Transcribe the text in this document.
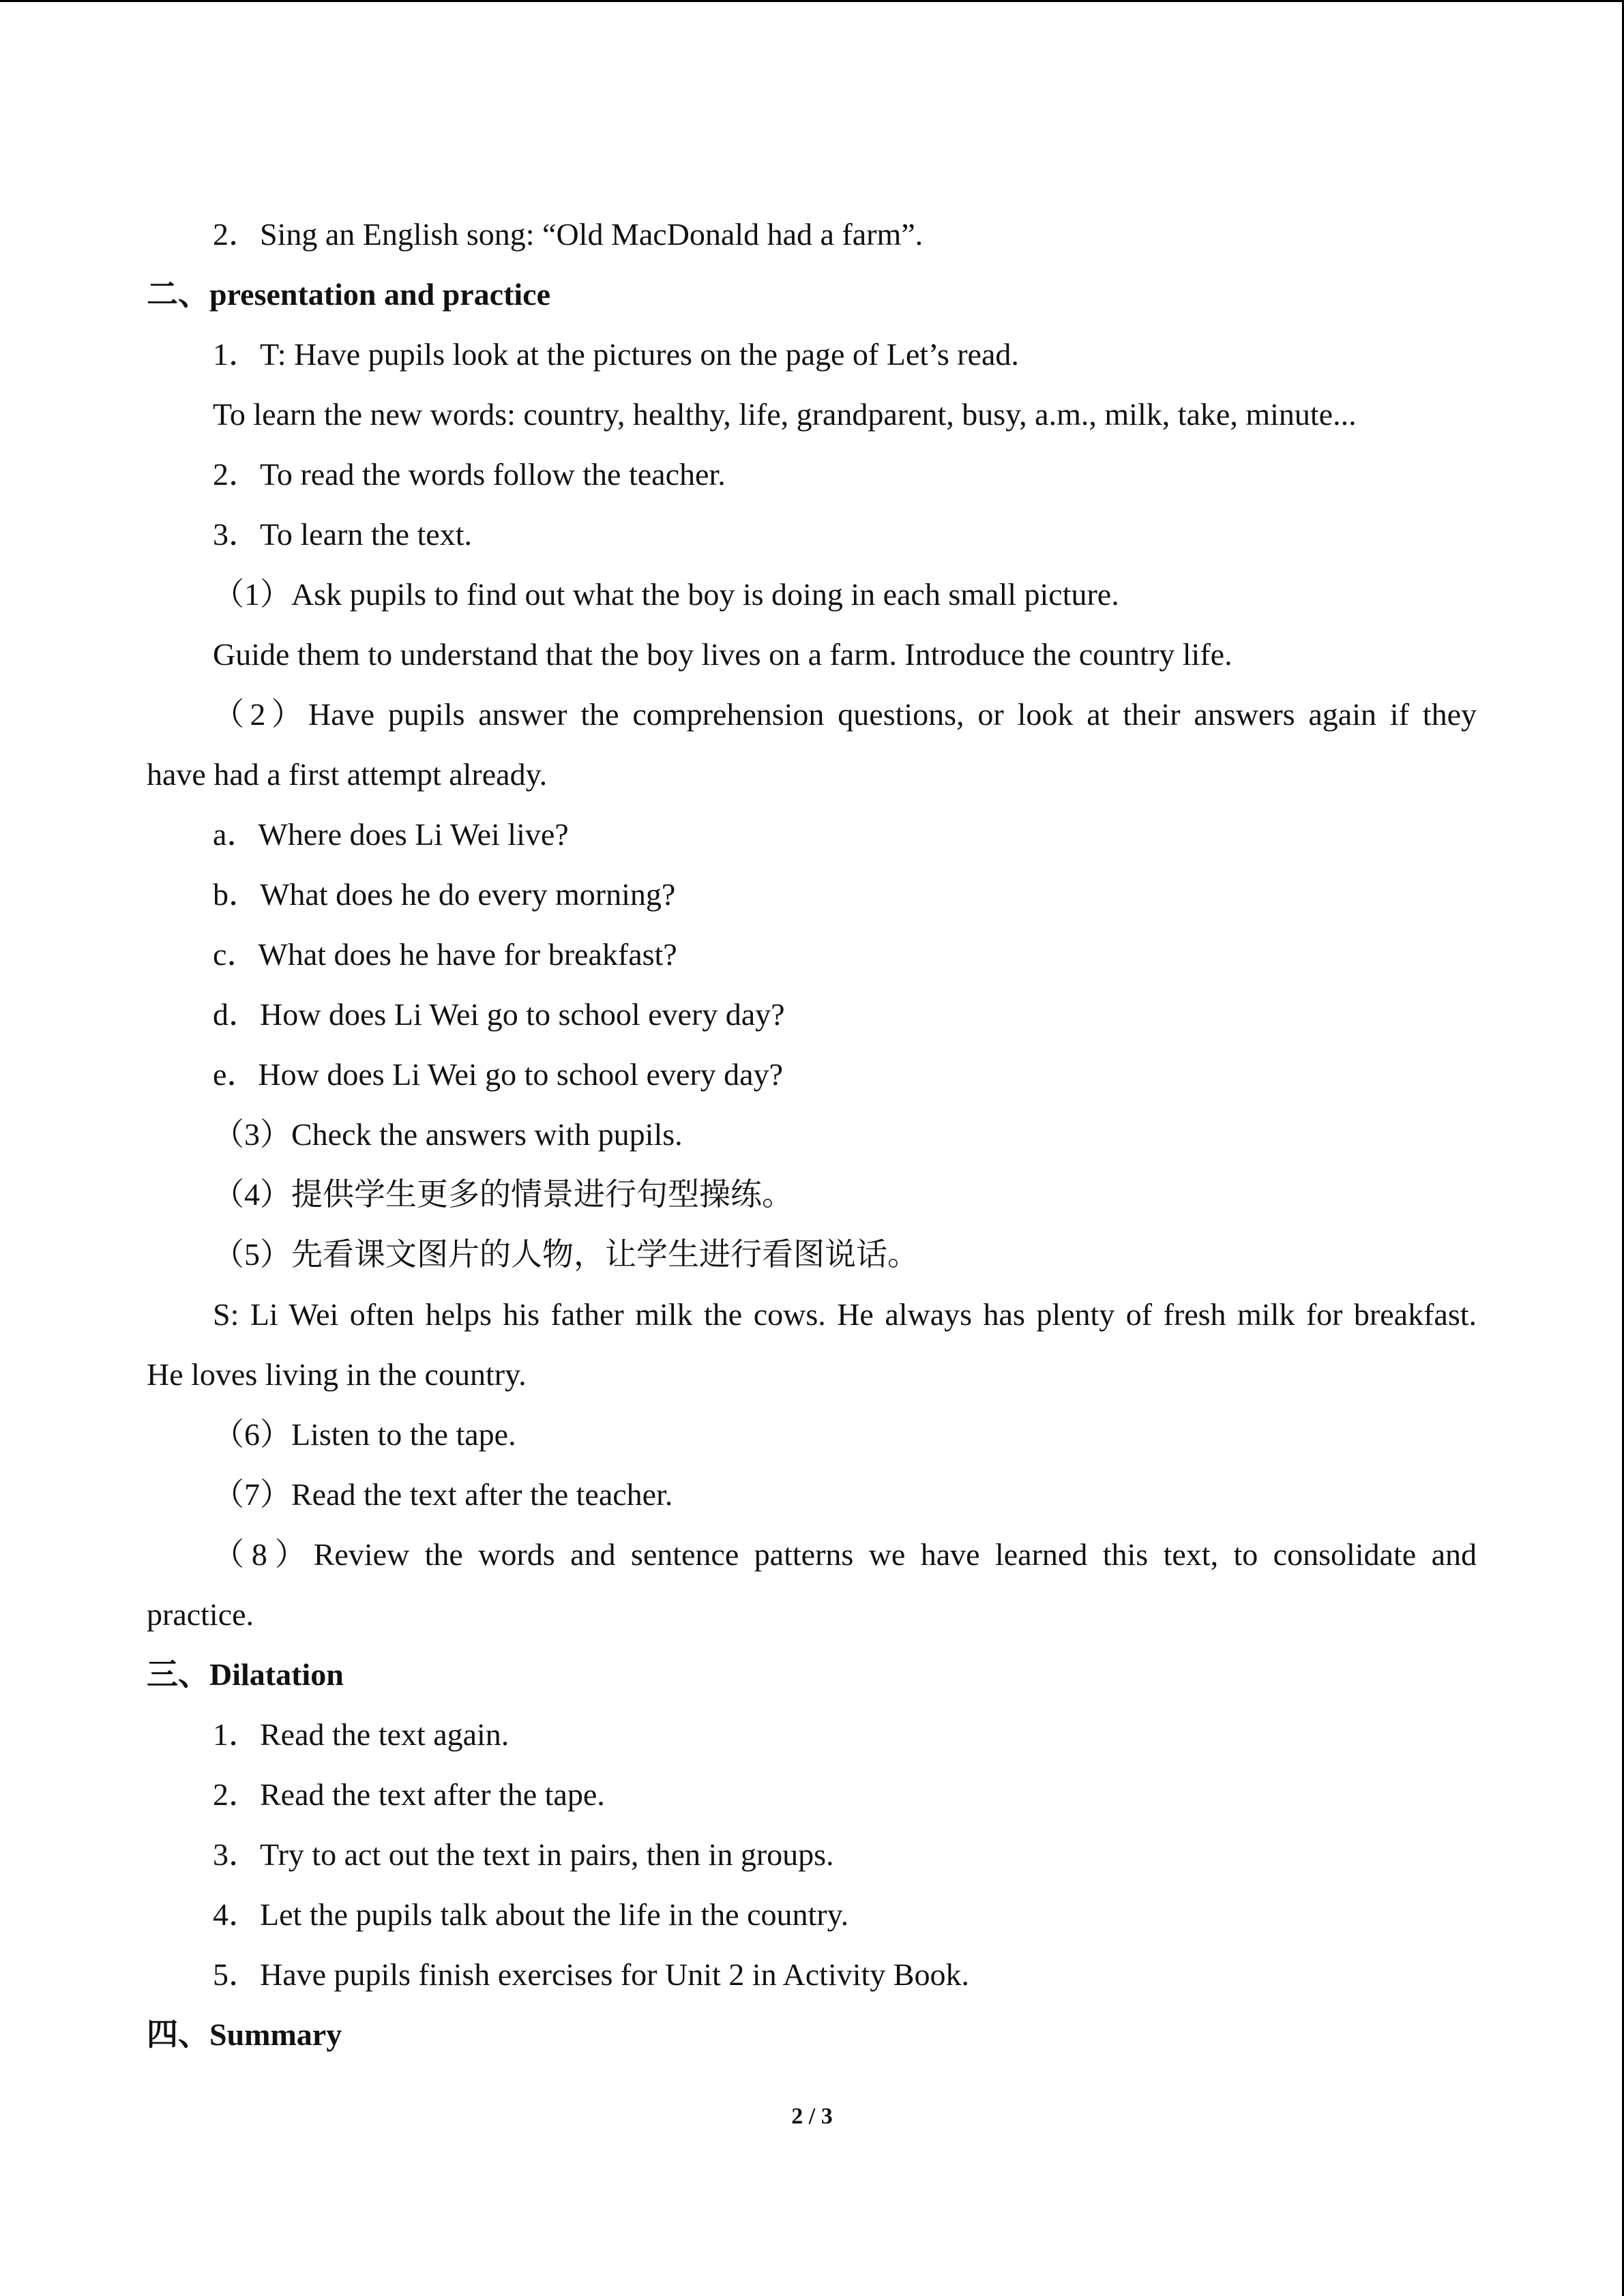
2．Sing an English song: “Old MacDonald had a farm”.
二、presentation and practice
1．T: Have pupils look at the pictures on the page of Let’s read.
To learn the new words: country, healthy, life, grandparent, busy, a.m., milk, take, minute...
2．To read the words follow the teacher.
3．To learn the text.
（1）Ask pupils to find out what the boy is doing in each small picture.
Guide them to understand that the boy lives on a farm. Introduce the country life.
（2）Have pupils answer the comprehension questions, or look at their answers again if they
have had a first attempt already.
a．Where does Li Wei live?
b．What does he do every morning?
c．What does he have for breakfast?
d．How does Li Wei go to school every day?
e．How does Li Wei go to school every day?
（3）Check the answers with pupils.
（4）提供学生更多的情景进行句型操练。
（5）先看课文图片的人物，让学生进行看图说话。
S: Li Wei often helps his father milk the cows. He always has plenty of fresh milk for breakfast.
He loves living in the country.
（6）Listen to the tape.
（7）Read the text after the teacher.
（8）Review the words and sentence patterns we have learned this text, to consolidate and
practice.
三、Dilatation
1．Read the text again.
2．Read the text after the tape.
3．Try to act out the text in pairs, then in groups.
4．Let the pupils talk about the life in the country.
5．Have pupils finish exercises for Unit 2 in Activity Book.
四、Summary
2 / 3
